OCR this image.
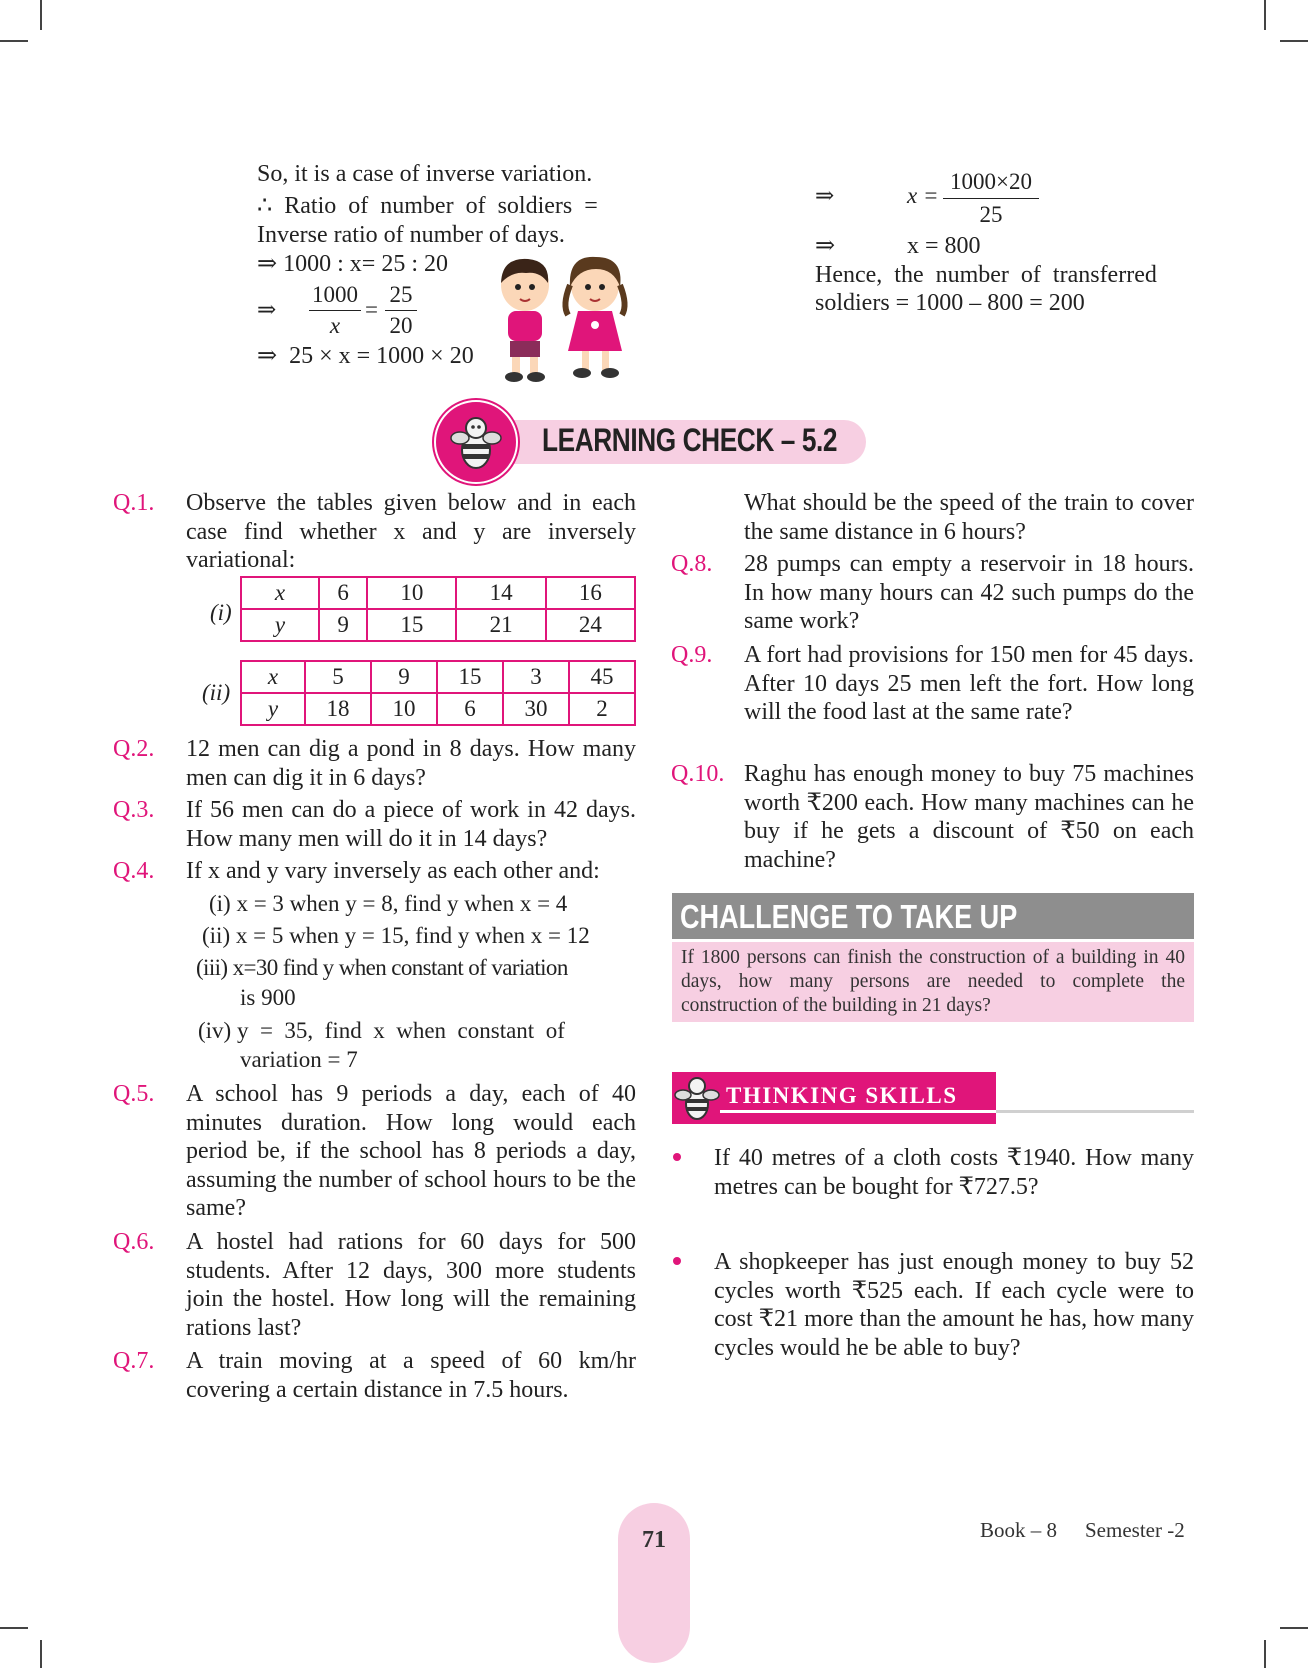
So, it is a case of inverse variation.
∴  Ratio  of  number  of  soldiers  =
Inverse ratio of number of days.
⇒ 1000 : x= 25 : 20
⇒ $\frac{1000}{x} = \frac{25}{20}$
⇒  25 × x = 1000 × 20
⇒	$x = \frac{1000\times 20}{25}$
⇒	x = 800
Hence,  the  number  of  transferred
soldiers = 1000 – 800 = 200
LEARNING CHECK – 5.2
Q.1. Observe the tables given below and in each case find whether x and y are inversely variational:
(i)
x	6	10	14	16
y	9	15	21	24
(ii)
x	5	9	15	3	45
y	18	10	6	30	2
Q.2. 12 men can dig a pond in 8 days. How many men can dig it in 6 days?
Q.3. If 56 men can do a piece of work in 42 days. How many men will do it in 14 days?
Q.4. If x and y vary inversely as each other and:
(i) x = 3 when y = 8, find y when x = 4
(ii) x = 5 when y = 15, find y when x = 12
(iii) x=30 find y when constant of variation
is 900
(iv) y  =  35,  find  x  when  constant  of
variation = 7
Q.5. A school has 9 periods a day, each of 40 minutes duration. How long would each period be, if the school has 8 periods a day, assuming the number of school hours to be the same?
Q.6. A hostel had rations for 60 days for 500 students. After 12 days, 300 more students join the hostel. How long will the remaining rations last?
Q.7. A train moving at a speed of 60 km/hr covering a certain distance in 7.5 hours.
What should be the speed of the train to cover the same distance in 6 hours?
Q.8. 28 pumps can empty a reservoir in 18 hours. In how many hours can 42 such pumps do the same work?
Q.9. A fort had provisions for 150 men for 45 days. After 10 days 25 men left the fort. How long will the food last at the same rate?
Q.10. Raghu has enough money to buy 75 machines worth ₹200 each. How many machines can he buy if he gets a discount of ₹50 on each machine?
CHALLENGE TO TAKE UP
If 1800 persons can finish the construction of a building in 40 days, how many persons are needed to complete the construction of the building in 21 days?
THINKING SKILLS
If 40 metres of a cloth costs ₹1940. How many metres can be bought for ₹727.5?
A shopkeeper has just enough money to buy 52 cycles worth ₹525 each. If each cycle were to cost ₹21 more than the amount he has, how many cycles would he be able to buy?
71	Book – 8 Semester -2
